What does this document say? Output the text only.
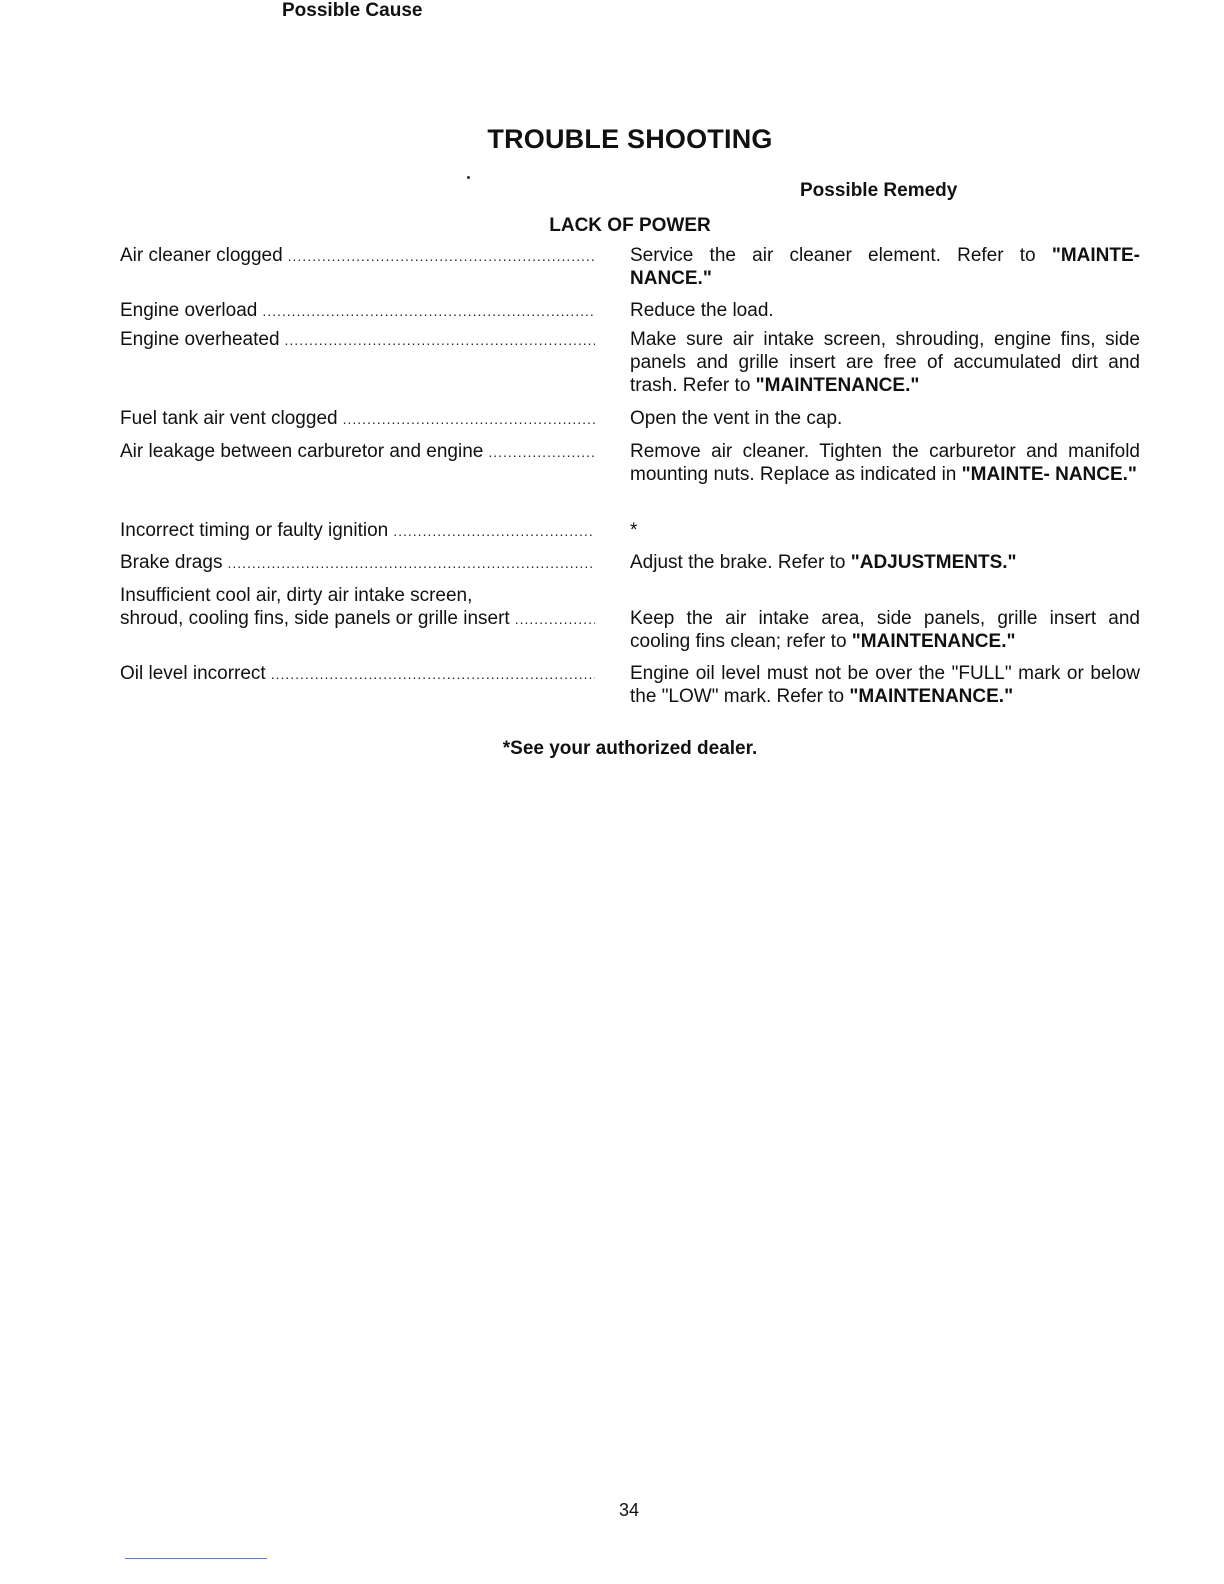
TROUBLE SHOOTING
Possible Cause
Possible Remedy
LACK OF POWER
Air cleaner clogged .....	Service the air cleaner element. Refer to "MAINTE- NANCE."
Engine overload .....	Reduce the load.
Engine overheated .....	Make sure air intake screen, shrouding, engine fins, side panels and grille insert are free of accumulated dirt and trash. Refer to "MAINTENANCE."
Fuel tank air vent clogged .....	Open the vent in the cap.
Air leakage between carburetor and engine .....	Remove air cleaner. Tighten the carburetor and manifold mounting nuts. Replace as indicated in "MAINTE- NANCE."
Incorrect timing or faulty ignition .....	*
Brake drags .....	Adjust the brake. Refer to "ADJUSTMENTS."
Insufficient cool air, dirty air intake screen,
shroud, cooling fins, side panels or grille insert .....	Keep the air intake area, side panels, grille insert and cooling fins clean; refer to "MAINTENANCE."
Oil level incorrect .....	Engine oil level must not be over the "FULL" mark or below the "LOW" mark. Refer to "MAINTENANCE."
*See your authorized dealer.
34
